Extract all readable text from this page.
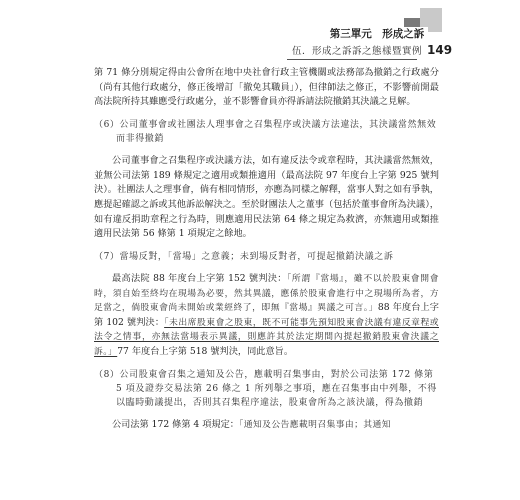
第三單元　形成之訴
伍．形成之訴訴之態樣暨實例 149

第 71 條分別規定得由公會所在地中央社會行政主管機關或法務部為撤銷之行政處分（尚有其他行政處分，修正後增訂「撤免其職員」），但律師法之修正，不影響前開最高法院所持其雖應受行政處分，並不影響會員亦得訴請法院撤銷其決議之見解。

（6）公司董事會或社團法人理事會之召集程序或決議方法違法，其決議當然無效而非得撤銷

公司董事會之召集程序或決議方法，如有違反法令或章程時，其決議當然無效，並無公司法第 189 條規定之適用或類推適用（最高法院 97 年度台上字第 925 號判決）。社團法人之理事會，倘有相同情形，亦應為同樣之解釋，當事人對之如有爭執，應提起確認之訴或其他訴訟解決之。至於財團法人之董事（包括於董事會所為決議），如有違反捐助章程之行為時，則應適用民法第 64 條之規定為救濟，亦無適用或類推適用民法第 56 條第 1 項規定之餘地。

（7）當場反對，「當場」之意義；未到場反對者，可提起撤銷決議之訴

最高法院 88 年度台上字第 152 號判決：「所謂『當場』，雖不以於股東會開會時，須自始至終均在現場為必要，然其異議，應係於股東會進行中之現場所為者，方足當之，倘股東會尚未開始或業經終了，即無『當場』異議之可言。」88 年度台上字第 102 號判決：「未出席股東會之股東，既不可能事先預知股東會決議有違反章程或法令之情事，亦無法當場表示異議，則應許其於法定期間內提起撤銷股東會決議之訴。」77 年度台上字第 518 號判決，同此意旨。

（8）公司股東會召集之通知及公告，應載明召集事由，對於公司法第 172 條第 5 項及證券交易法第 26 條之 1 所列舉之事項，應在召集事由中列舉，不得以臨時動議提出，否則其召集程序違法，股東會所為之該決議，得為撤銷

公司法第 172 條第 4 項規定：「通知及公告應載明召集事由；其通知
